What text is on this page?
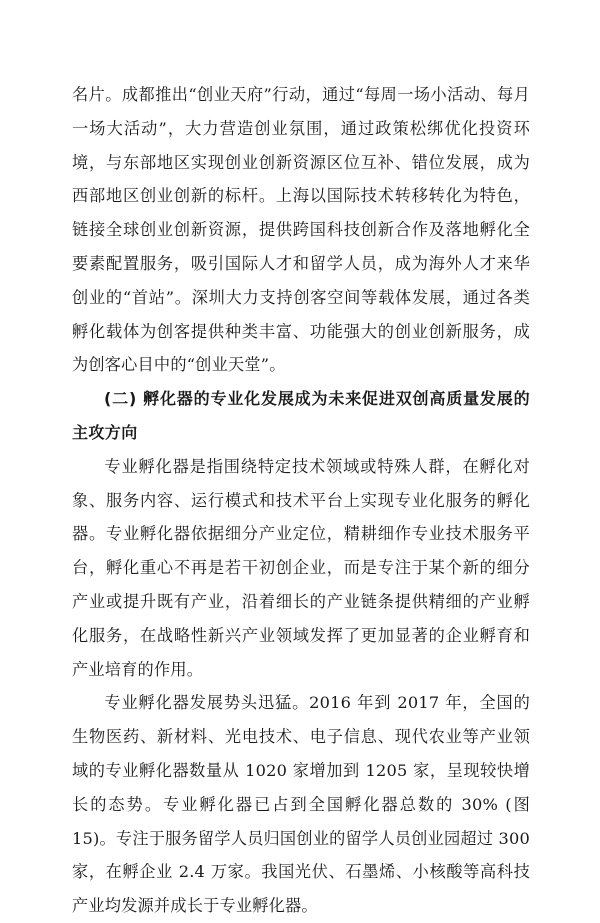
名片。成都推出“创业天府”行动，通过“每周一场小活动、每月一场大活动”，大力营造创业氛围，通过政策松绑优化投资环境，与东部地区实现创业创新资源区位互补、错位发展，成为西部地区创业创新的标杆。上海以国际技术转移转化为特色，链接全球创业创新资源，提供跨国科技创新合作及落地孵化全要素配置服务，吸引国际人才和留学人员，成为海外人才来华创业的“首站”。深圳大力支持创客空间等载体发展，通过各类孵化载体为创客提供种类丰富、功能强大的创业创新服务，成为创客心目中的“创业天堂”。

(二) 孵化器的专业化发展成为未来促进双创高质量发展的主攻方向

专业孵化器是指围绕特定技术领域或特殊人群，在孵化对象、服务内容、运行模式和技术平台上实现专业化服务的孵化器。专业孵化器依据细分产业定位，精耕细作专业技术服务平台，孵化重心不再是若干初创企业，而是专注于某个新的细分产业或提升既有产业，沿着细长的产业链条提供精细的产业孵化服务，在战略性新兴产业领域发挥了更加显著的企业孵育和产业培育的作用。

专业孵化器发展势头迅猛。2016 年到 2017 年，全国的生物医药、新材料、光电技术、电子信息、现代农业等产业领域的专业孵化器数量从 1020 家增加到 1205 家，呈现较快增长的态势。专业孵化器已占到全国孵化器总数的 30% (图 15)。专注于服务留学人员归国创业的留学人员创业园超过 300 家，在孵企业 2.4 万家。我国光伏、石墨烯、小核酸等高科技产业均发源并成长于专业孵化器。
